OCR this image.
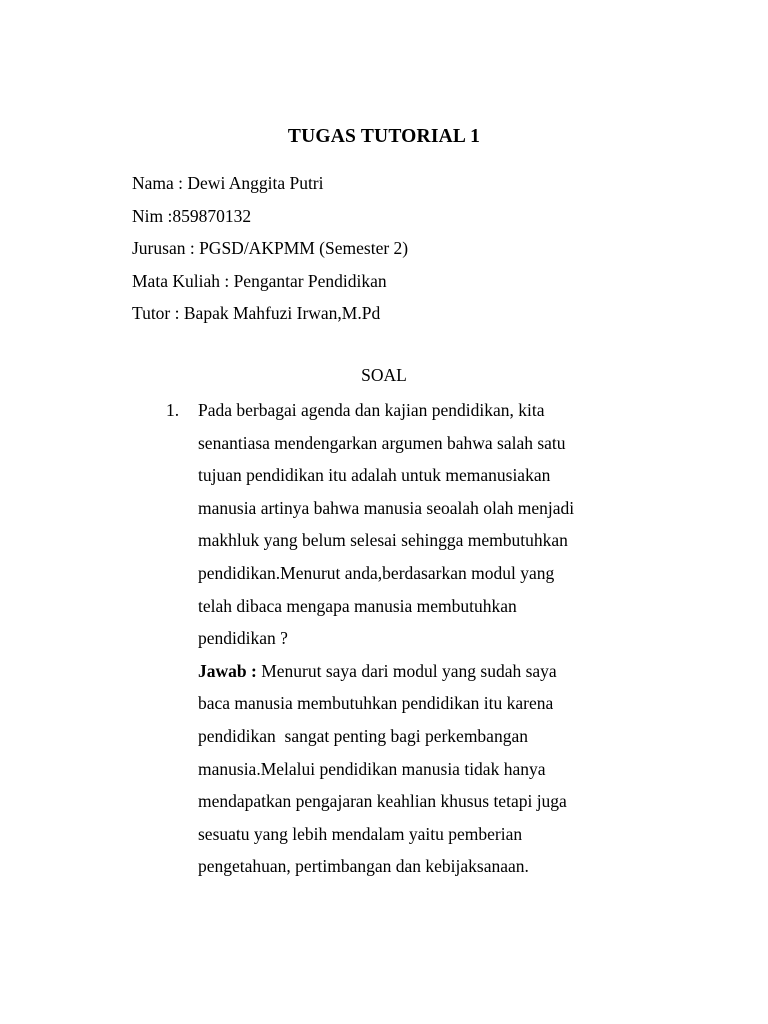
TUGAS TUTORIAL 1
Nama : Dewi Anggita Putri
Nim :859870132
Jurusan : PGSD/AKPMM (Semester 2)
Mata Kuliah : Pengantar Pendidikan
Tutor : Bapak Mahfuzi Irwan,M.Pd
SOAL
1. Pada berbagai agenda dan kajian pendidikan, kita
senantiasa mendengarkan argumen bahwa salah satu
tujuan pendidikan itu adalah untuk memanusiakan
manusia artinya bahwa manusia seoalah olah menjadi
makhluk yang belum selesai sehingga membutuhkan
pendidikan.Menurut anda,berdasarkan modul yang
telah dibaca mengapa manusia membutuhkan
pendidikan ?
Jawab : Menurut saya dari modul yang sudah saya
baca manusia membutuhkan pendidikan itu karena
pendidikan  sangat penting bagi perkembangan
manusia.Melalui pendidikan manusia tidak hanya
mendapatkan pengajaran keahlian khusus tetapi juga
sesuatu yang lebih mendalam yaitu pemberian
pengetahuan, pertimbangan dan kebijaksanaan.
